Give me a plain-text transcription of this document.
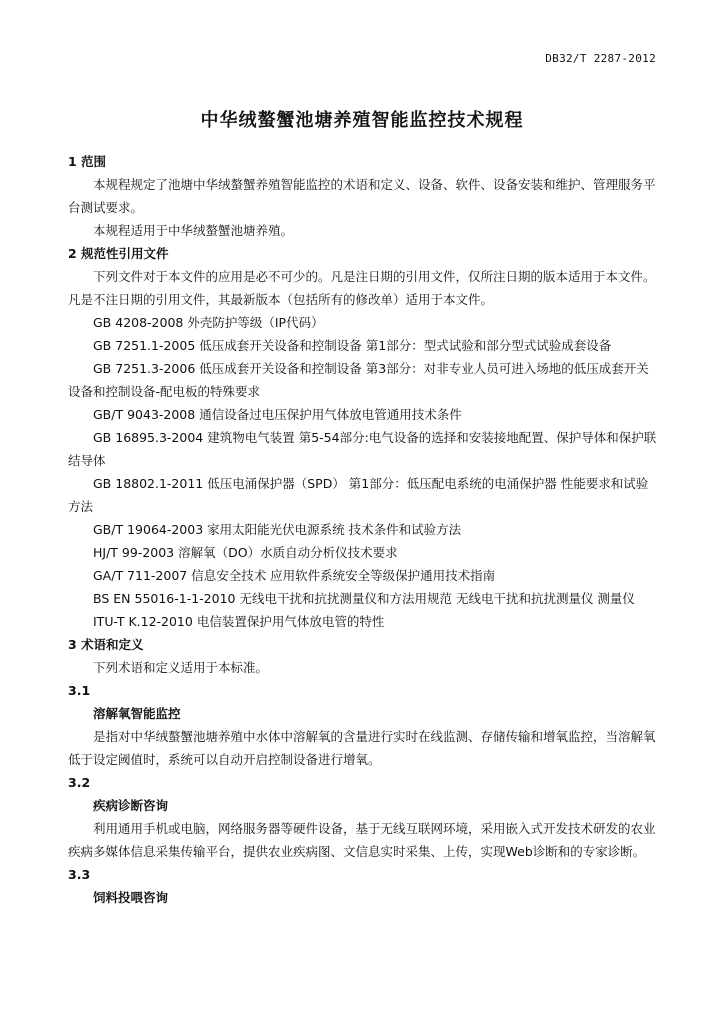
DB32/T 2287-2012
中华绒螯蟹池塘养殖智能监控技术规程
1 范围
本规程规定了池塘中华绒螯蟹养殖智能监控的术语和定义、设备、软件、设备安装和维护、管理服务平台测试要求。
本规程适用于中华绒螯蟹池塘养殖。
2 规范性引用文件
下列文件对于本文件的应用是必不可少的。凡是注日期的引用文件，仅所注日期的版本适用于本文件。凡是不注日期的引用文件，其最新版本（包括所有的修改单）适用于本文件。
GB 4208-2008 外壳防护等级（IP代码）
GB 7251.1-2005 低压成套开关设备和控制设备 第1部分：型式试验和部分型式试验成套设备
GB 7251.3-2006 低压成套开关设备和控制设备 第3部分：对非专业人员可进入场地的低压成套开关设备和控制设备-配电板的特殊要求
GB/T 9043-2008 通信设备过电压保护用气体放电管通用技术条件
GB 16895.3-2004 建筑物电气装置 第5-54部分:电气设备的选择和安装接地配置、保护导体和保护联结导体
GB 18802.1-2011 低压电涌保护器（SPD） 第1部分：低压配电系统的电涌保护器 性能要求和试验方法
GB/T 19064-2003 家用太阳能光伏电源系统 技术条件和试验方法
HJ/T 99-2003 溶解氧（DO）水质自动分析仪技术要求
GA/T 711-2007 信息安全技术 应用软件系统安全等级保护通用技术指南
BS EN 55016-1-1-2010 无线电干扰和抗扰测量仪和方法用规范 无线电干扰和抗扰测量仪 测量仪
ITU-T K.12-2010 电信装置保护用气体放电管的特性
3 术语和定义
下列术语和定义适用于本标准。
3.1
溶解氧智能监控
是指对中华绒螯蟹池塘养殖中水体中溶解氧的含量进行实时在线监测、存储传输和增氧监控，当溶解氧低于设定阈值时，系统可以自动开启控制设备进行增氧。
3.2
疾病诊断咨询
利用通用手机或电脑，网络服务器等硬件设备，基于无线互联网环境，采用嵌入式开发技术研发的农业疾病多媒体信息采集传输平台，提供农业疾病图、文信息实时采集、上传，实现Web诊断和的专家诊断。
3.3
饲料投喂咨询
